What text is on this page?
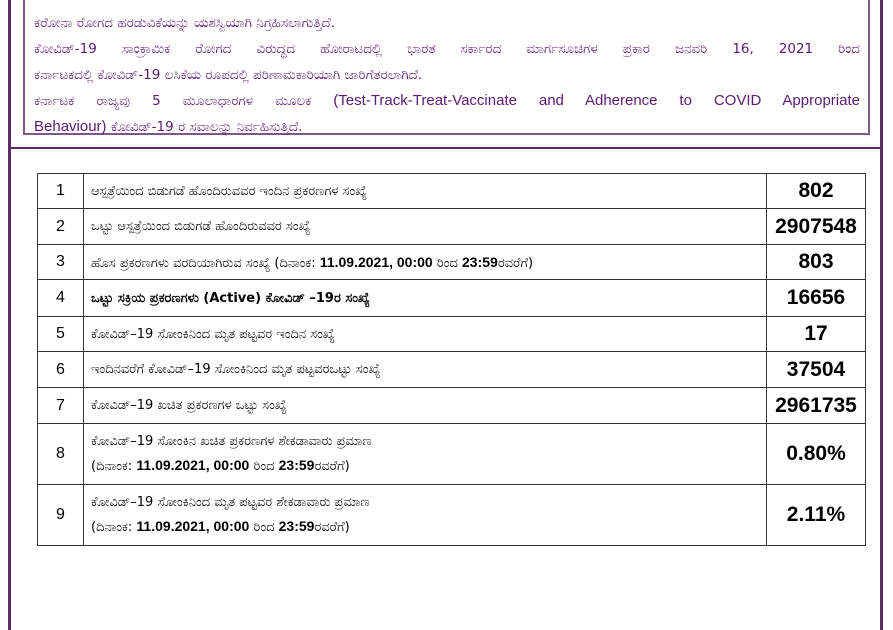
ಕರೋನಾ ರೋಗದ ಹರಡುವಿಕೆಯನ್ನು ಯಶಸ್ವಿಯಾಗಿ ನಿಗ್ರಹಿಸಲಾಗುತ್ತಿದೆ.

ಕೋವಿಡ್-19 ಸಾಂಕ್ರಾಮಿಕ ರೋಗದ ವಿರುದ್ಧದ ಹೋರಾಟದಲ್ಲಿ ಭಾರತ ಸರ್ಕಾರದ ಮಾರ್ಗಸೂಚಿಗಳ ಪ್ರಕಾರ ಜನವರಿ 16, 2021 ರಿಂದ

ಕರ್ನಾಟಕದಲ್ಲಿ ಕೋವಿಡ್-19 ಲಸಿಕೆಯ ರೂಪದಲ್ಲಿ ಪರಿಣಾಮಕಾರಿಯಾಗಿ ಜಾರಿಗೆತರಲಾಗಿದೆ.

ಕರ್ನಾಟಕ ರಾಜ್ಯವು 5 ಮೂಲಾಧಾರಗಳ ಮೂಲಕ (Test-Track-Treat-Vaccinate and Adherence to COVID Appropriate

Behaviour) ಕೋವಿಡ್-19 ರ ಸವಾಲನ್ನು ನಿರ್ವಹಿಸುತ್ತಿದೆ.

1	ಆಸ್ಪತ್ರೆಯಿಂದ ಬಿಡುಗಡೆ ಹೊಂದಿರುವವರ ಇಂದಿನ ಪ್ರಕರಣಗಳ ಸಂಖ್ಯೆ	802
2	ಒಟ್ಟು ಆಸ್ಪತ್ರೆಯಿಂದ ಬಿಡುಗಡೆ ಹೊಂದಿರುವವರ ಸಂಖ್ಯೆ	2907548
3	ಹೊಸ ಪ್ರಕರಣಗಳು ವರದಿಯಾಗಿರುವ ಸಂಖ್ಯೆ (ದಿನಾಂಕ: 11.09.2021, 00:00 ರಿಂದ 23:59ರವರೆಗೆ)	803
4	ಒಟ್ಟು ಸಕ್ರಿಯ ಪ್ರಕರಣಗಳು (Active) ಕೋವಿಡ್ –19ರ ಸಂಖ್ಯೆ	16656
5	ಕೋವಿಡ್–19 ಸೋಂಕಿನಿಂದ ಮೃತ ಪಟ್ಟವರ ಇಂದಿನ ಸಂಖ್ಯೆ	17
6	ಇಂದಿನವರೆಗೆ ಕೋವಿಡ್–19 ಸೋಂಕಿನಿಂದ ಮೃತ ಪಟ್ಟವರಒಟ್ಟು ಸಂಖ್ಯೆ	37504
7	ಕೋವಿಡ್–19 ಖಚಿತ ಪ್ರಕರಣಗಳ ಒಟ್ಟು ಸಂಖ್ಯೆ	2961735
8	ಕೋವಿಡ್–19 ಸೋಂಕಿನ ಖಚಿತ ಪ್ರಕರಣಗಳ ಶೇಕಡಾವಾರು ಪ್ರಮಾಣ
(ದಿನಾಂಕ: 11.09.2021, 00:00 ರಿಂದ 23:59ರವರೆಗೆ)	0.80%
9	ಕೋವಿಡ್–19 ಸೋಂಕಿನಿಂದ ಮೃತ ಪಟ್ಟವರ ಶೇಕಡಾವಾರು ಪ್ರಮಾಣ
(ದಿನಾಂಕ: 11.09.2021, 00:00 ರಿಂದ 23:59ರವರೆಗೆ)	2.11%
